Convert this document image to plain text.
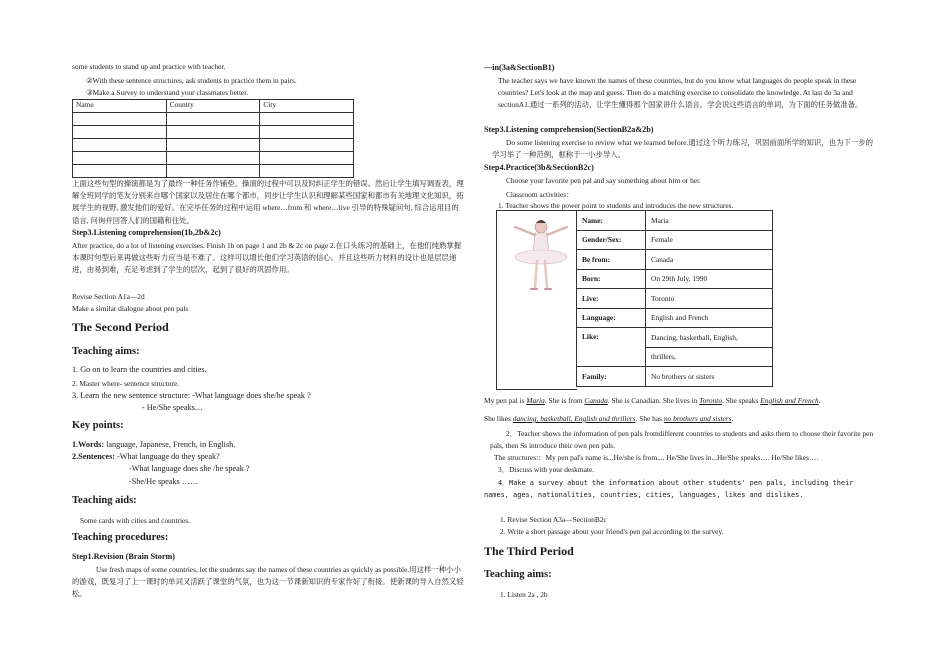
some students to stand up and practice with teacher.
②With these sentence structures, ask students to practice them in pairs.
③Make a Survey to understand your classmates better.
Name	Country	City

上面这些句型的操演都是为了最终一种任务作铺垫。操演的过程中可以及时纠正学生的错误。然后让学生填写调查表，理解全班同学的笔友分别来自哪个国家以及居住在哪个都市，同步让学生认识和理解某些国家和都市有关地理文化知识，拓展学生的视野, 激发他们的爱好。在完毕任务的过程中运用 where…from 和 where…live 引导的特殊疑问句, 综合运用目的语言, 问询并回答人们的国籍和住处。
Step3.Listening comprehension(1b,2b&2c)
After practice, do a lot of listening exercises. Finish 1b on page 1 and 2b & 2c on page 2.在口头练习的基础上，在他们纯熟掌握本课时句型后来再做这些听力应当是不难了。这样可以增长他们学习英语的信心。并且这些听力材料的设计也是层层递进，由易到难，充足考虑到了学生的层次，起到了很好的巩固作用。
Revise Section A1a—2d
Make a similar dialogue about pen pals
The Second Period
Teaching aims:
1. Go on to learn the countries and cities.
2. Master where- sentence structure.
3. Learn the new sentence structure: -What language does she/he speak ?
- He/She speaks…
Key points:
1.Words: language, Japanese, French, in English.
2.Sentences: -What language do they speak?
-What language does she /he speak ?
-She/He speaks ……
Teaching aids:
Some cards with cities and countries.
Teaching procedures:
Step1.Revision (Brain Storm)
Use fresh maps of some countries, let the students say the names of these countries as quickly as possible.用这样一种小小的游戏，既复习了上一课时的单词又活跃了课堂的气氛，也为这一节课新知识的专家作好了衔接。使新课的导入自然又轻松。
—in(3a&SectionB1)
The teacher says we have known the names of these countries, but do you know what languages do people speak in these countries? Let's look at the map and guess. Then do a matching exercise to consolidate the knowledge. At last do 3a and sectionA1.通过一系列的活动，让学生懂得那个国家讲什么语言，学会说这些语言的单词，为下面的任务做准备。
Step3.Listening comprehension(SectionB2a&2b)
Do some listening exercise to review what we learned before.通过这个听力练习，巩固前面所学的知识，也为下一步的学习举了一种范例，框称于一小步导入。
Step4.Practice(3b&SectionB2c)
Choose your favorite pen pal and say something about him or her.
Classroom activities：
1. Teacher shows the power point to students and introduces the new structures.
Name:	Maria
Gender/Sex:	Female
Be from:	Canada
Born:	On 29th July, 1990
Live:	Toronto
Language:	English and French
Like:	Dancing, basketball, English,
	thrillers,
Family:	No brothers or sisters
My pen pal is Maria. She is from Canada. She is Canadian. She lives in Toronto. She speaks English and French.
She likes dancing, basketball, English and thrillers. She has no brothers and sisters.
2．Teacher shows the information of pen pals fromdifferent countries to students and asks them to choose their favorite pen pals, then Ss introduce their own pen pals.
The structures:：My pen pal's name is...He/she is from.... He/She lives in...He/She speaks…. He/She likes….
3．Discuss with your deskmate.
4．Make a survey about the information about other students' pen pals, including their names, ages, nationalities, countries, cities, languages, likes and dislikes.
1. Revise Section A3a—SectionB2c
2. Write a short passage about your friend's pen pal according to the survey.
The Third Period
Teaching aims:
1. Listen 2a , 2b
